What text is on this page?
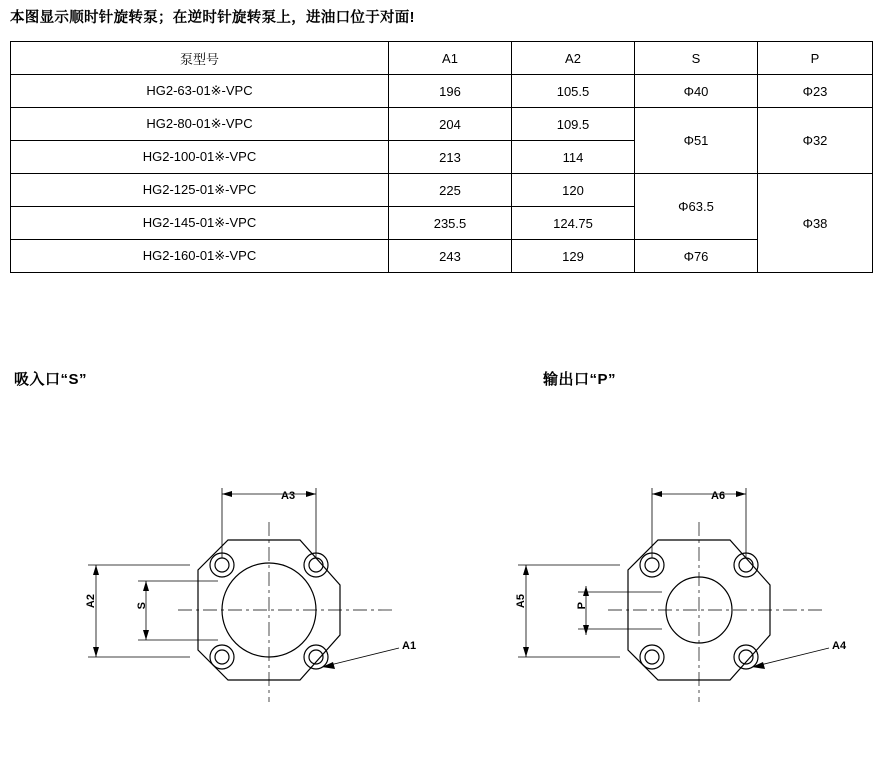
本图显示顺时针旋转泵；在逆时针旋转泵上，进油口位于对面!
泵型号	A1	A2	S	P
HG2-63-01※-VPC	196	105.5	Φ40	Φ23
HG2-80-01※-VPC	204	109.5	Φ51	Φ32
HG2-100-01※-VPC	213	114		
HG2-125-01※-VPC	225	120	Φ63.5	Φ38
HG2-145-01※-VPC	235.5	124.75		
HG2-160-01※-VPC	243	129	Φ76	
吸入口“S”	输出口“P”
A3
A2	S
A1
A6
A5	P
A4
